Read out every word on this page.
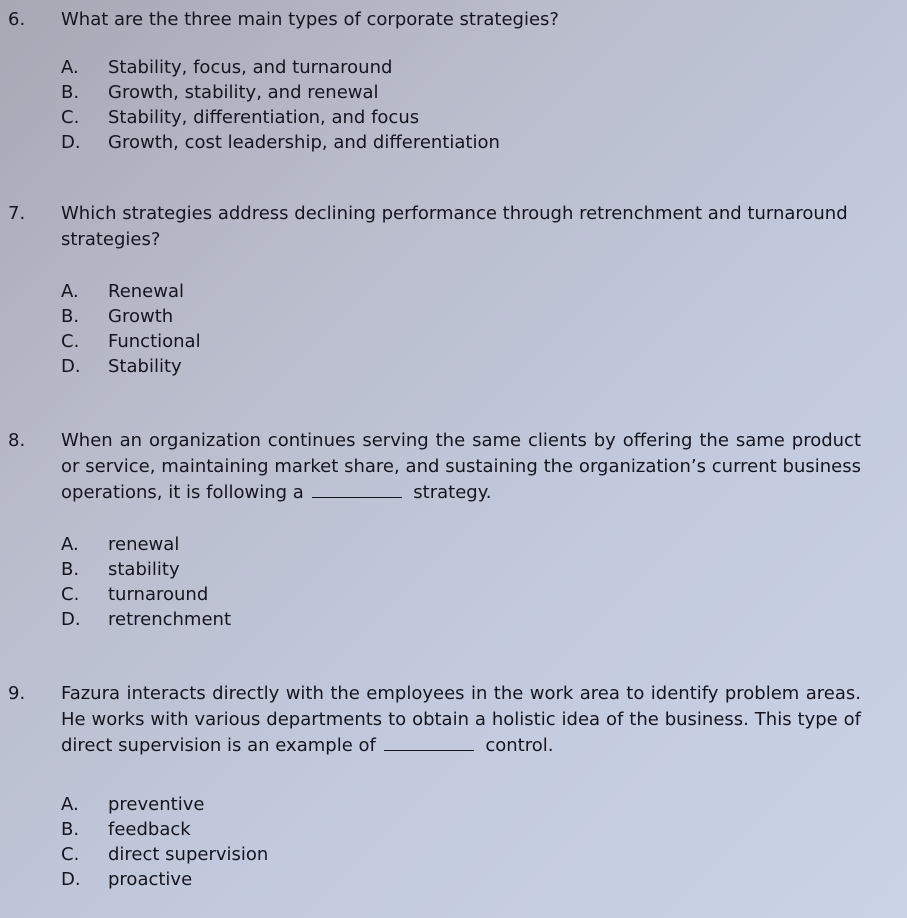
6. What are the three main types of corporate strategies?
A.	Stability, focus, and turnaround
B.	Growth, stability, and renewal
C.	Stability, differentiation, and focus
D.	Growth, cost leadership, and differentiation
7. Which strategies address declining performance through retrenchment and turnaround strategies?
A.	Renewal
B.	Growth
C.	Functional
D.	Stability
8. When an organization continues serving the same clients by offering the same product or service, maintaining market share, and sustaining the organization’s current business operations, it is following a	strategy.
A.	renewal
B.	stability
C.	turnaround
D.	retrenchment
9. Fazura interacts directly with the employees in the work area to identify problem areas. He works with various departments to obtain a holistic idea of the business. This type of direct supervision is an example of	control.
A.	preventive
B.	feedback
C.	direct supervision
D.	proactive
